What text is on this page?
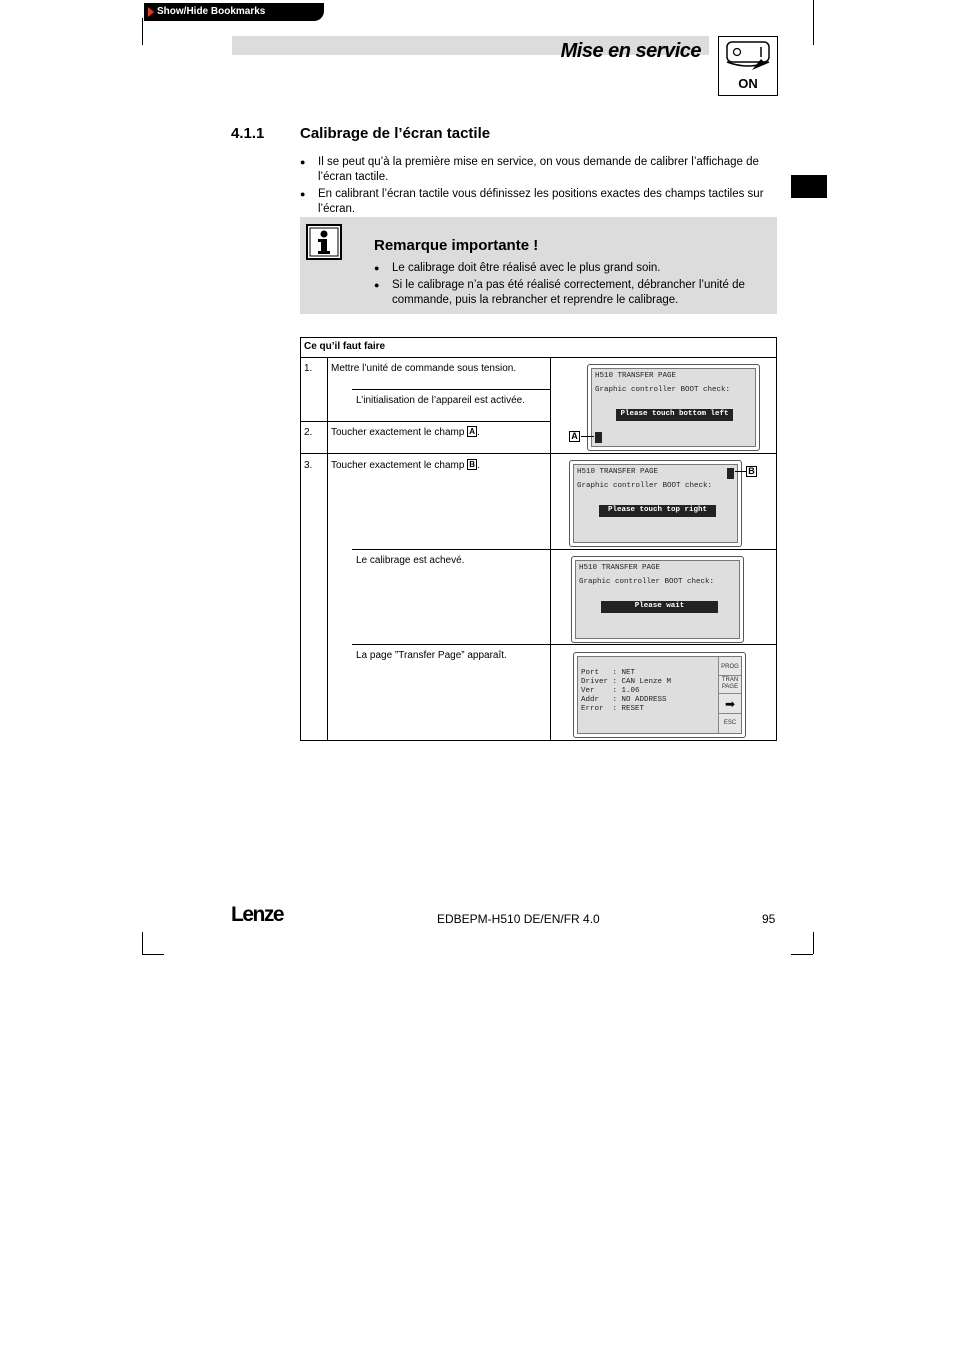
Show/Hide Bookmarks
Mise en service
ON
4.1.1 Calibrage de l’écran tactile
● Il se peut qu’à la première mise en service, on vous demande de calibrer l’affichage de l’écran tactile.
● En calibrant l’écran tactile vous définissez les positions exactes des champs tactiles sur l’écran.
Remarque importante !
● Le calibrage doit être réalisé avec le plus grand soin.
● Si le calibrage n’a pas été réalisé correctement, débrancher l’unité de commande, puis la rebrancher et reprendre le calibrage.
Ce qu’il faut faire
1. Mettre l’unité de commande sous tension.
L’initialisation de l’appareil est activée.
2. Toucher exactement le champ A .
3. Toucher exactement le champ B .
Le calibrage est achevé.
La page ”Transfer Page” apparaît.
H510 TRANSFER PAGE
Graphic controller BOOT check:
Please touch bottom left
A
H510 TRANSFER PAGE
Graphic controller BOOT check:
Please touch top right
B
H510 TRANSFER PAGE
Graphic controller BOOT check:
Please wait
Port   : NET
Driver : CAN Lenze M
Ver    : 1.06
Addr   : NO ADDRESS
Error  : RESET
PROG
TRAN
PAGE
➡
ESC
Lenze	EDBEPM-H510 DE/EN/FR 4.0	95
